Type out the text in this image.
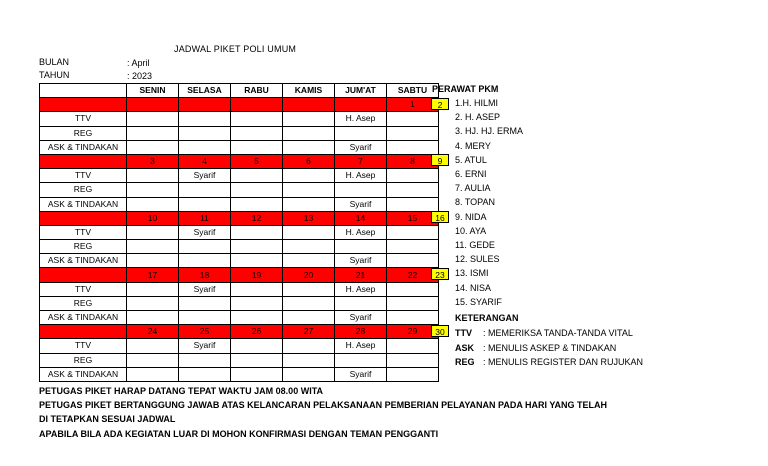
JADWAL PIKET POLI UMUM
BULAN	: April
TAHUN	: 2023
	SENIN	SELASA	RABU	KAMIS	JUM'AT	SABTU
						1
TTV					H. Asep	
REG						
ASK & TINDAKAN					Syarif	
	3	4	5	6	7	8
TTV		Syarif			H. Asep	
REG						
ASK & TINDAKAN					Syarif	
	10	11	12	13	14	15
TTV		Syarif			H. Asep	
REG						
ASK & TINDAKAN					Syarif	
	17	18	19	20	21	22
TTV		Syarif			H. Asep	
REG						
ASK & TINDAKAN					Syarif	
	24	25	26	27	28	29
TTV		Syarif			H. Asep	
REG						
ASK & TINDAKAN					Syarif	
2
9
16
23
30
PERAWAT PKM
1.H. HILMI
2. H. ASEP
3. HJ. HJ. ERMA
4. MERY
5. ATUL
6. ERNI
7. AULIA
8. TOPAN
9. NIDA
10. AYA
11. GEDE
12. SULES
13. ISMI
14. NISA
15. SYARIF
KETERANGAN
TTV : MEMERIKSA TANDA-TANDA VITAL
ASK : MENULIS ASKEP & TINDAKAN
REG : MENULIS REGISTER DAN RUJUKAN
PETUGAS PIKET HARAP DATANG TEPAT WAKTU JAM 08.00 WITA
PETUGAS PIKET BERTANGGUNG JAWAB ATAS KELANCARAN PELAKSANAAN PEMBERIAN PELAYANAN PADA HARI YANG TELAH
DI TETAPKAN SESUAI JADWAL
APABILA BILA ADA KEGIATAN LUAR DI MOHON KONFIRMASI DENGAN TEMAN PENGGANTI
